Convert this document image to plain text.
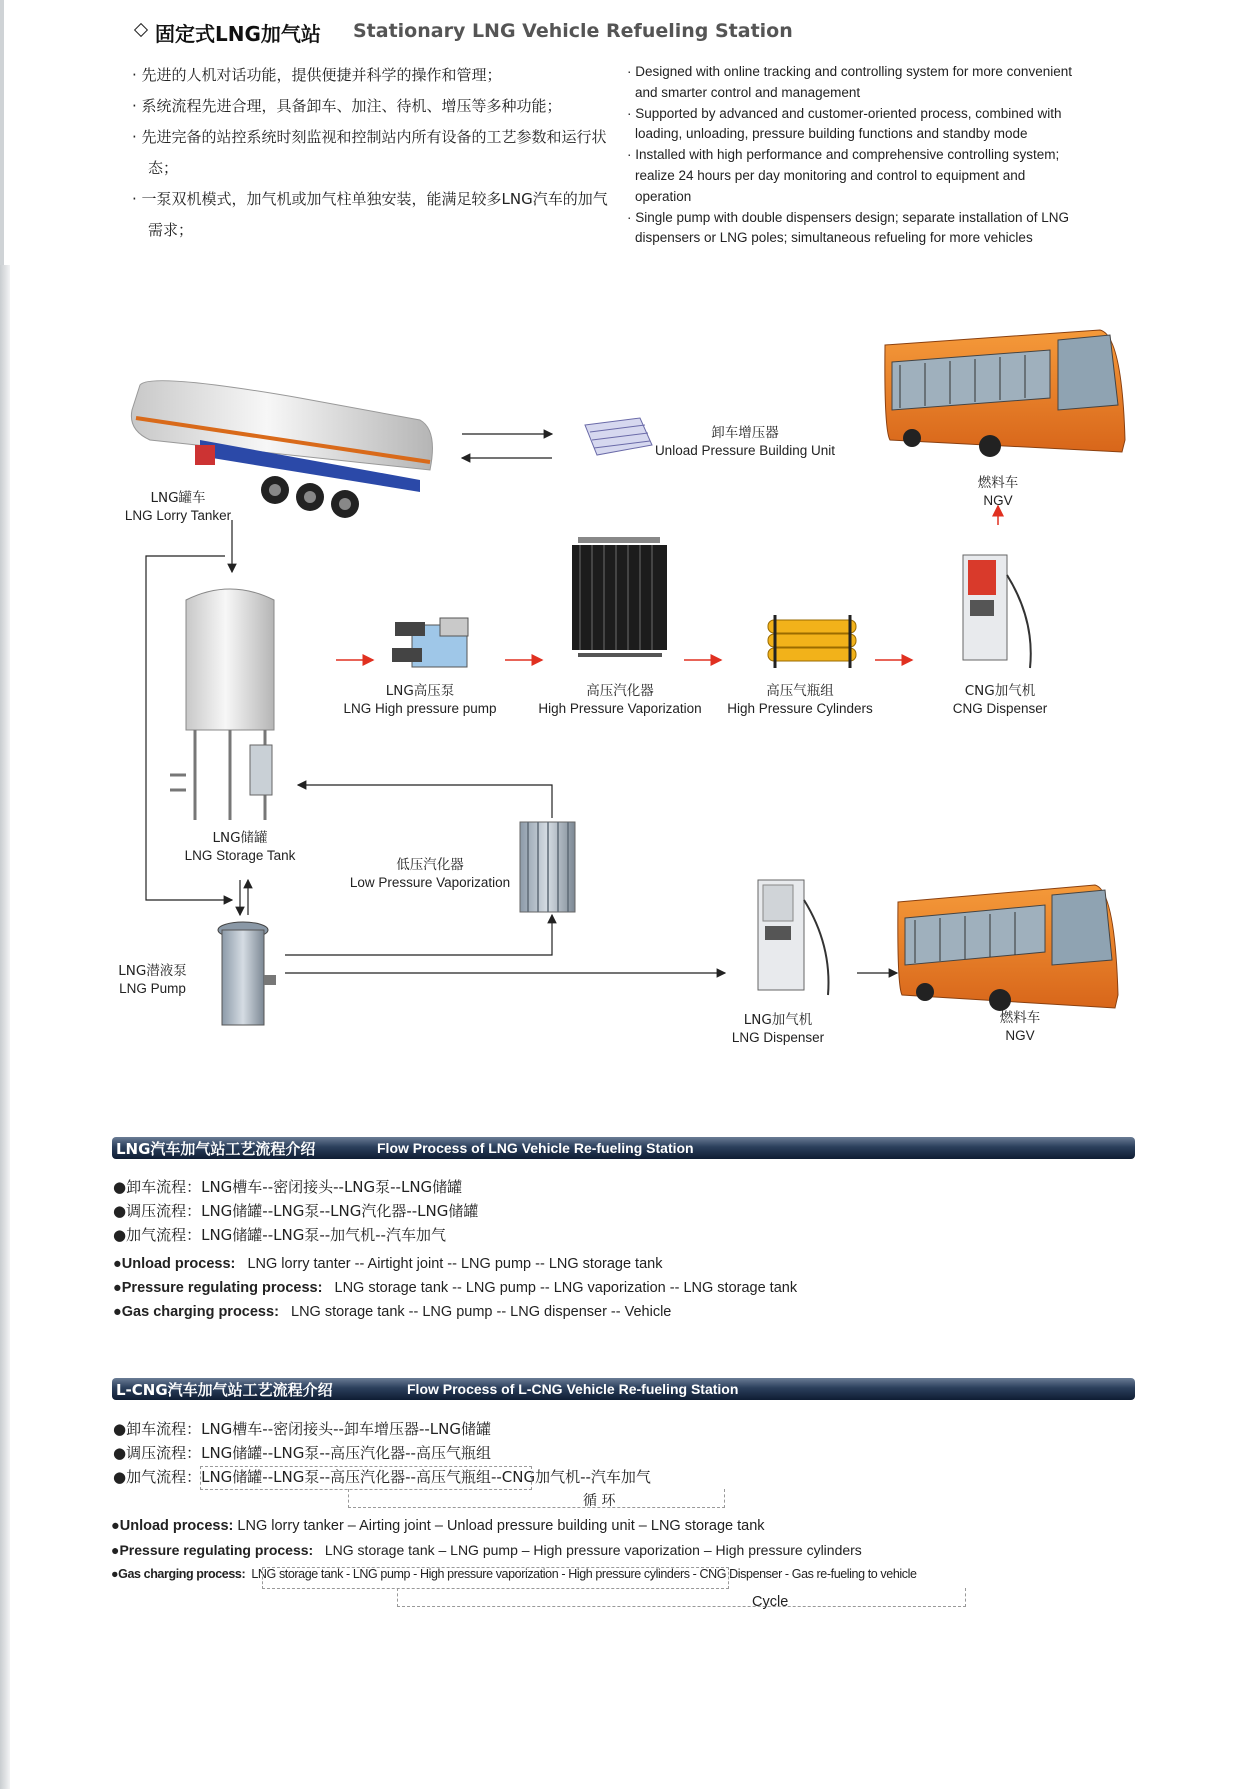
固定式LNG加气站 Stationary LNG Vehicle Refueling Station
· 先进的人机对话功能，提供便捷并科学的操作和管理；
· 系统流程先进合理，具备卸车、加注、待机、增压等多种功能；
· 先进完备的站控系统时刻监视和控制站内所有设备的工艺参数和运行状态；
· 一泵双机模式，加气机或加气柱单独安装，能满足较多LNG汽车的加气需求；
· Designed with online tracking and controlling system for more convenient and smarter control and management
· Supported by advanced and customer-oriented process, combined with loading, unloading, pressure building functions and standby mode
· Installed with high performance and comprehensive controlling system; realize 24 hours per day monitoring and control to equipment and operation
· Single pump with double dispensers design; separate installation of LNG dispensers or LNG poles; simultaneous refueling for more vehicles
LNG罐车
LNG Lorry Tanker
卸车增压器
Unload Pressure Building Unit
燃料车
NGV
LNG高压泵
LNG High pressure pump
高压汽化器
High Pressure Vaporization
高压气瓶组
High Pressure Cylinders
CNG加气机
CNG Dispenser
LNG储罐
LNG Storage Tank
低压汽化器
Low Pressure Vaporization
LNG潜液泵
LNG Pump
LNG加气机
LNG Dispenser
燃料车
NGV
LNG汽车加气站工艺流程介绍	Flow Process of LNG Vehicle Re-fueling Station
●卸车流程：LNG槽车--密闭接头--LNG泵--LNG储罐
●调压流程：LNG储罐--LNG泵--LNG汽化器--LNG储罐
●加气流程：LNG储罐--LNG泵--加气机--汽车加气
●Unload process: LNG lorry tanter -- Airtight joint -- LNG pump -- LNG storage tank
●Pressure regulating process: LNG storage tank -- LNG pump -- LNG vaporization -- LNG storage tank
●Gas charging process: LNG storage tank -- LNG pump -- LNG dispenser -- Vehicle
L-CNG汽车加气站工艺流程介绍	Flow Process of L-CNG Vehicle Re-fueling Station
●卸车流程：LNG槽车--密闭接头--卸车增压器--LNG储罐
●调压流程：LNG储罐--LNG泵--高压汽化器--高压气瓶组
●加气流程：LNG储罐--LNG泵--高压汽化器--高压气瓶组--CNG加气机--汽车加气
循 环
●Unload process: LNG lorry tanker – Airting joint – Unload pressure building unit – LNG storage tank
●Pressure regulating process: LNG storage tank – LNG pump – High pressure vaporization – High pressure cylinders
●Gas charging process: LNG storage tank - LNG pump - High pressure vaporization - High pressure cylinders - CNG Dispenser - Gas re-fueling to vehicle
Cycle
